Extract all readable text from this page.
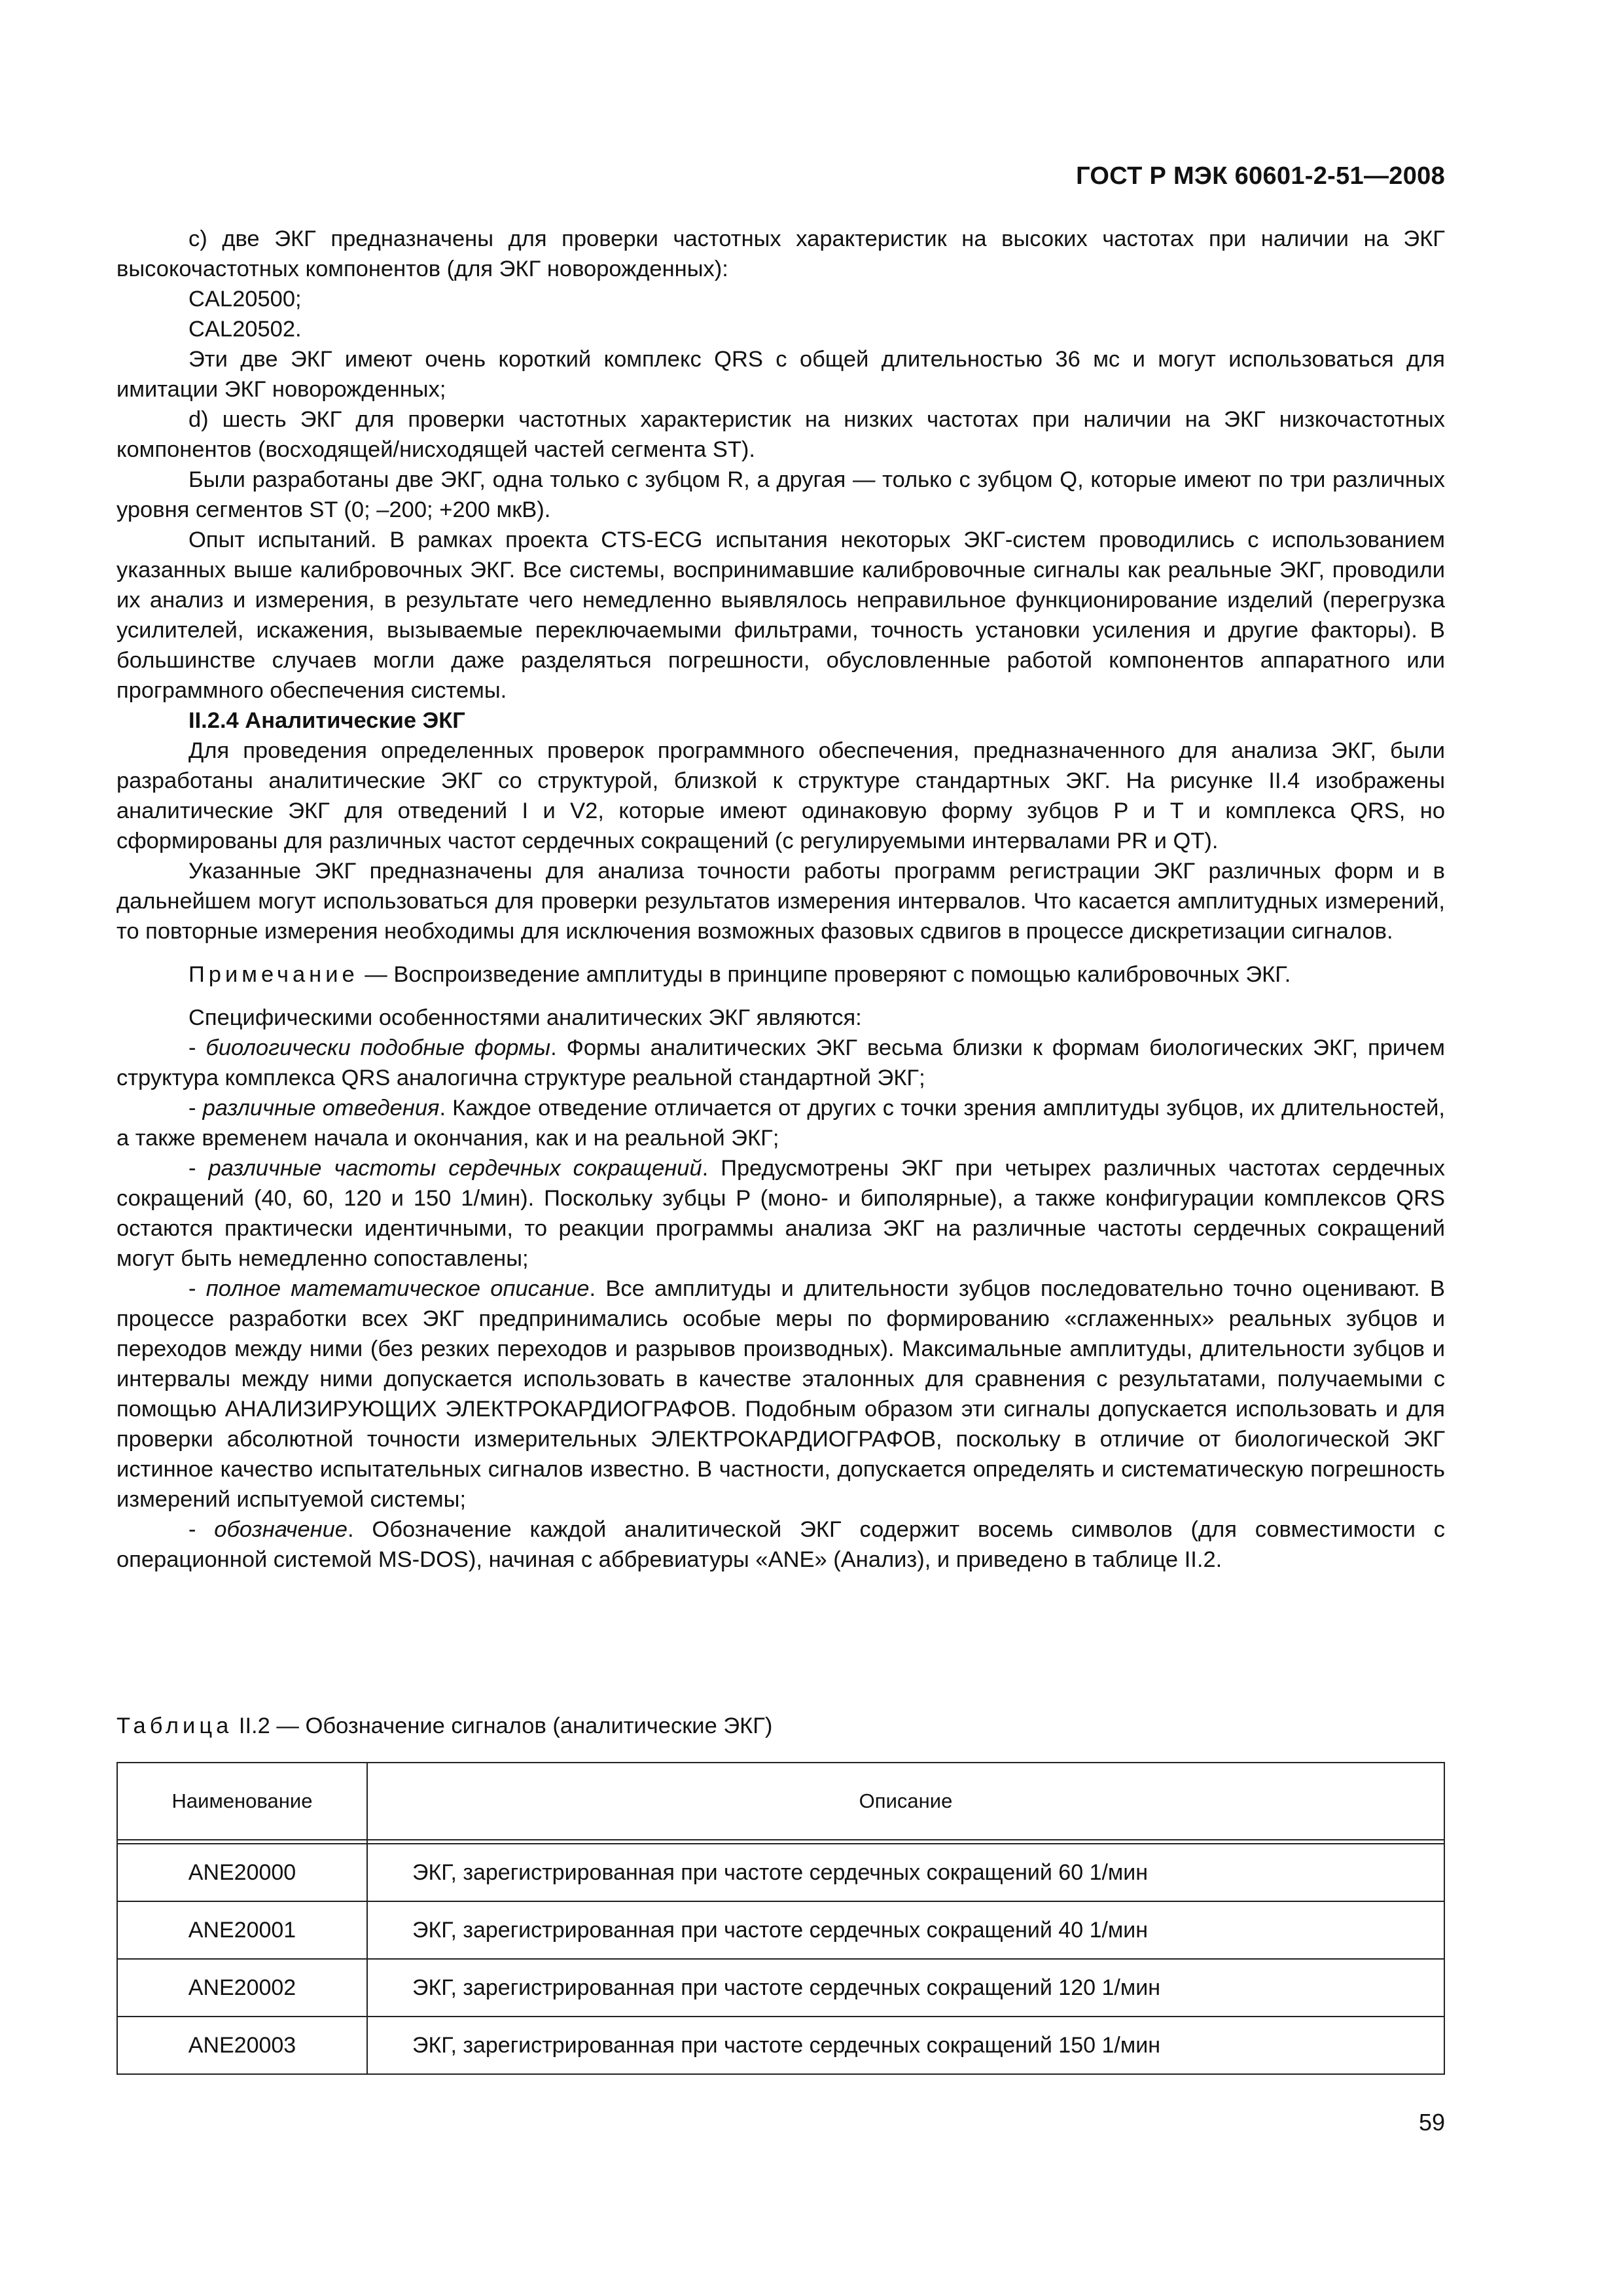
ГОСТ Р МЭК 60601-2-51—2008

c) две ЭКГ предназначены для проверки частотных характеристик на высоких частотах при наличии на ЭКГ высокочастотных компонентов (для ЭКГ новорожденных):

CAL20500;

CAL20502.

Эти две ЭКГ имеют очень короткий комплекс QRS с общей длительностью 36 мс и могут использоваться для имитации ЭКГ новорожденных;

d) шесть ЭКГ для проверки частотных характеристик на низких частотах при наличии на ЭКГ низкочастотных компонентов (восходящей/нисходящей частей сегмента ST).

Были разработаны две ЭКГ, одна только с зубцом R, а другая — только с зубцом Q, которые имеют по три различных уровня сегментов ST (0; –200; +200 мкВ).

Опыт испытаний. В рамках проекта CTS-ECG испытания некоторых ЭКГ-систем проводились с использованием указанных выше калибровочных ЭКГ. Все системы, воспринимавшие калибровочные сигналы как реальные ЭКГ, проводили их анализ и измерения, в результате чего немедленно выявлялось неправильное функционирование изделий (перегрузка усилителей, искажения, вызываемые переключаемыми фильтрами, точность установки усиления и другие факторы). В большинстве случаев могли даже разделяться погрешности, обусловленные работой компонентов аппаратного или программного обеспечения системы.

II.2.4 Аналитические ЭКГ

Для проведения определенных проверок программного обеспечения, предназначенного для анализа ЭКГ, были разработаны аналитические ЭКГ со структурой, близкой к структуре стандартных ЭКГ. На рисунке II.4 изображены аналитические ЭКГ для отведений I и V2, которые имеют одинаковую форму зубцов P и T и комплекса QRS, но сформированы для различных частот сердечных сокращений (с регулируемыми интервалами PR и QT).

Указанные ЭКГ предназначены для анализа точности работы программ регистрации ЭКГ различных форм и в дальнейшем могут использоваться для проверки результатов измерения интервалов. Что касается амплитудных измерений, то повторные измерения необходимы для исключения возможных фазовых сдвигов в процессе дискретизации сигналов.

Примечание — Воспроизведение амплитуды в принципе проверяют с помощью калибровочных ЭКГ.

Специфическими особенностями аналитических ЭКГ являются:

- биологически подобные формы. Формы аналитических ЭКГ весьма близки к формам биологических ЭКГ, причем структура комплекса QRS аналогична структуре реальной стандартной ЭКГ;

- различные отведения. Каждое отведение отличается от других с точки зрения амплитуды зубцов, их длительностей, а также временем начала и окончания, как и на реальной ЭКГ;

- различные частоты сердечных сокращений. Предусмотрены ЭКГ при четырех различных частотах сердечных сокращений (40, 60, 120 и 150 1/мин). Поскольку зубцы P (моно- и биполярные), а также конфигурации комплексов QRS остаются практически идентичными, то реакции программы анализа ЭКГ на различные частоты сердечных сокращений могут быть немедленно сопоставлены;

- полное математическое описание. Все амплитуды и длительности зубцов последовательно точно оценивают. В процессе разработки всех ЭКГ предпринимались особые меры по формированию «сглаженных» реальных зубцов и переходов между ними (без резких переходов и разрывов производных). Максимальные амплитуды, длительности зубцов и интервалы между ними допускается использовать в качестве эталонных для сравнения с результатами, получаемыми с помощью АНАЛИЗИРУЮЩИХ ЭЛЕКТРОКАРДИОГРАФОВ. Подобным образом эти сигналы допускается использовать и для проверки абсолютной точности измерительных ЭЛЕКТРОКАРДИОГРАФОВ, поскольку в отличие от биологической ЭКГ истинное качество испытательных сигналов известно. В частности, допускается определять и систематическую погрешность измерений испытуемой системы;

- обозначение. Обозначение каждой аналитической ЭКГ содержит восемь символов (для совместимости с операционной системой MS-DOS), начиная с аббревиатуры «ANE» (Анализ), и приведено в таблице II.2.

Таблица II.2 — Обозначение сигналов (аналитические ЭКГ)
Наименование	Описание

ANE20000	ЭКГ, зарегистрированная при частоте сердечных сокращений 60 1/мин
ANE20001	ЭКГ, зарегистрированная при частоте сердечных сокращений 40 1/мин
ANE20002	ЭКГ, зарегистрированная при частоте сердечных сокращений 120 1/мин
ANE20003	ЭКГ, зарегистрированная при частоте сердечных сокращений 150 1/мин
59
